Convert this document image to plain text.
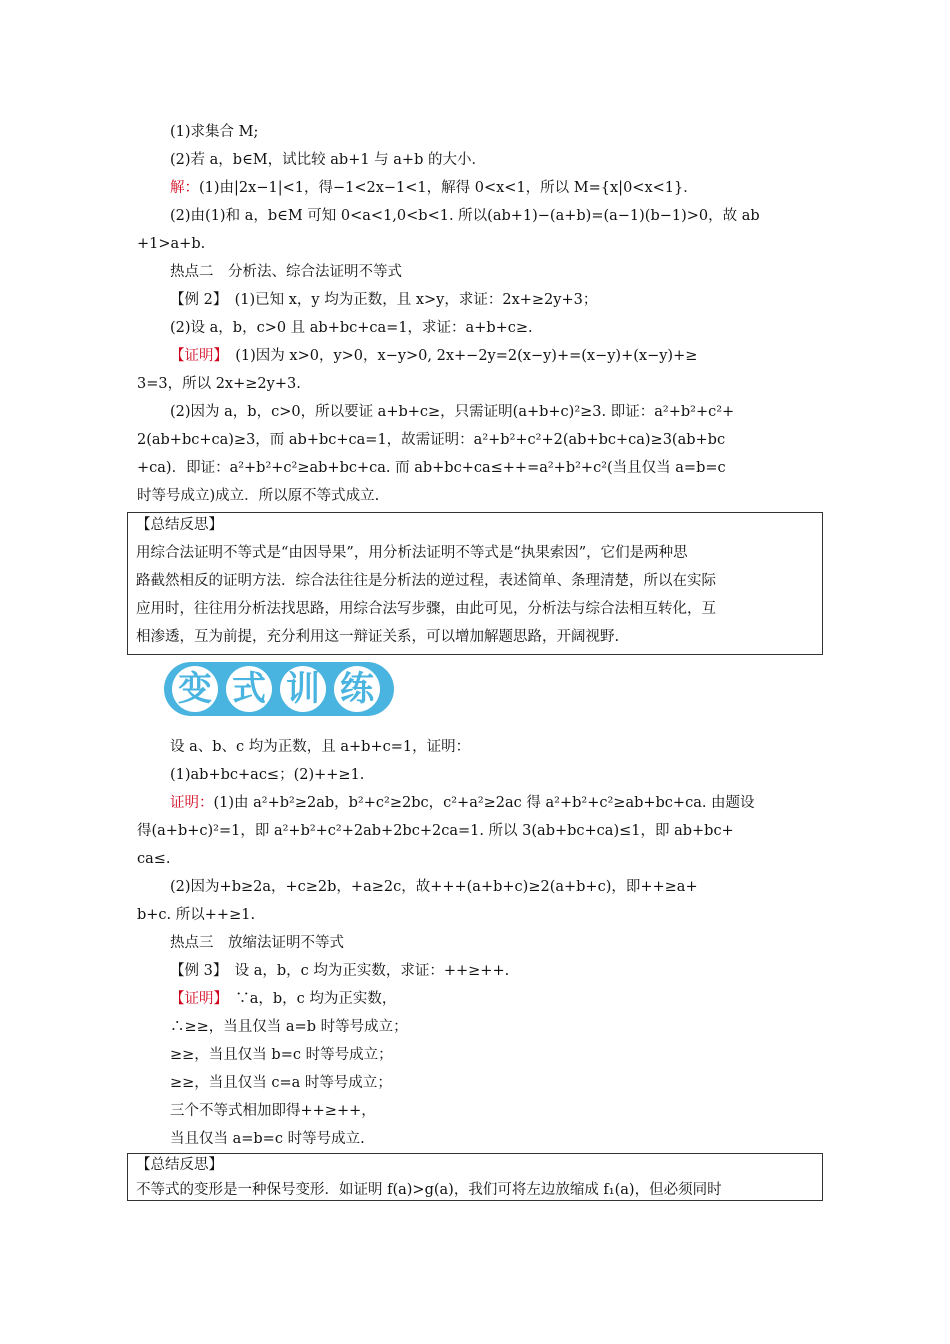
(1)求集合 M;
(2)若 a，b∈M，试比较 ab+1 与 a+b 的大小．
解：(1)由|2x−1|<1，得−1<2x−1<1，解得 0<x<1，所以 M={x|0<x<1}．
(2)由(1)和 a，b∈M 可知 0<a<1,0<b<1. 所以(ab+1)−(a+b)=(a−1)(b−1)>0，故 ab
+1>a+b.
热点二　分析法、综合法证明不等式
【例 2】　(1)已知 x，y 均为正数，且 x>y，求证：2x+≥2y+3；
(2)设 a，b，c>0 且 ab+bc+ca=1，求证：a+b+c≥.
【证明】　(1)因为 x>0，y>0，x−y>0, 2x+−2y=2(x−y)+=(x−y)+(x−y)+≥
3=3，所以 2x+≥2y+3.
(2)因为 a，b，c>0，所以要证 a+b+c≥，只需证明(a+b+c)²≥3. 即证：a²+b²+c²+
2(ab+bc+ca)≥3，而 ab+bc+ca=1，故需证明：a²+b²+c²+2(ab+bc+ca)≥3(ab+bc
+ca)．即证：a²+b²+c²≥ab+bc+ca. 而 ab+bc+ca≤++=a²+b²+c²(当且仅当 a=b=c
时等号成立)成立．所以原不等式成立.
设 a、b、c 均为正数，且 a+b+c=1，证明：
(1)ab+bc+ac≤；(2)++≥1.
证明：(1)由 a²+b²≥2ab，b²+c²≥2bc，c²+a²≥2ac 得 a²+b²+c²≥ab+bc+ca. 由题设
得(a+b+c)²=1，即 a²+b²+c²+2ab+2bc+2ca=1. 所以 3(ab+bc+ca)≤1，即 ab+bc+
ca≤.
(2)因为+b≥2a，+c≥2b，+a≥2c，故+++(a+b+c)≥2(a+b+c)，即++≥a+
b+c. 所以++≥1.
热点三　放缩法证明不等式
【例 3】　设 a，b，c 均为正实数，求证：++≥++.
【证明】　∵a，b，c 均为正实数，
∴≥≥，当且仅当 a=b 时等号成立；
≥≥，当且仅当 b=c 时等号成立；
≥≥，当且仅当 c=a 时等号成立；
三个不等式相加即得++≥++，
当且仅当 a=b=c 时等号成立.
【总结反思】
用综合法证明不等式是“由因导果”，用分析法证明不等式是“执果索因”，它们是两种思
路截然相反的证明方法．综合法往往是分析法的逆过程，表述简单、条理清楚，所以在实际
应用时，往往用分析法找思路，用综合法写步骤，由此可见，分析法与综合法相互转化，互
相渗透，互为前提，充分利用这一辩证关系，可以增加解题思路，开阔视野.
变 式 训 练
【总结反思】
不等式的变形是一种保号变形．如证明 f(a)>g(a)，我们可将左边放缩成 f₁(a)，但必须同时
